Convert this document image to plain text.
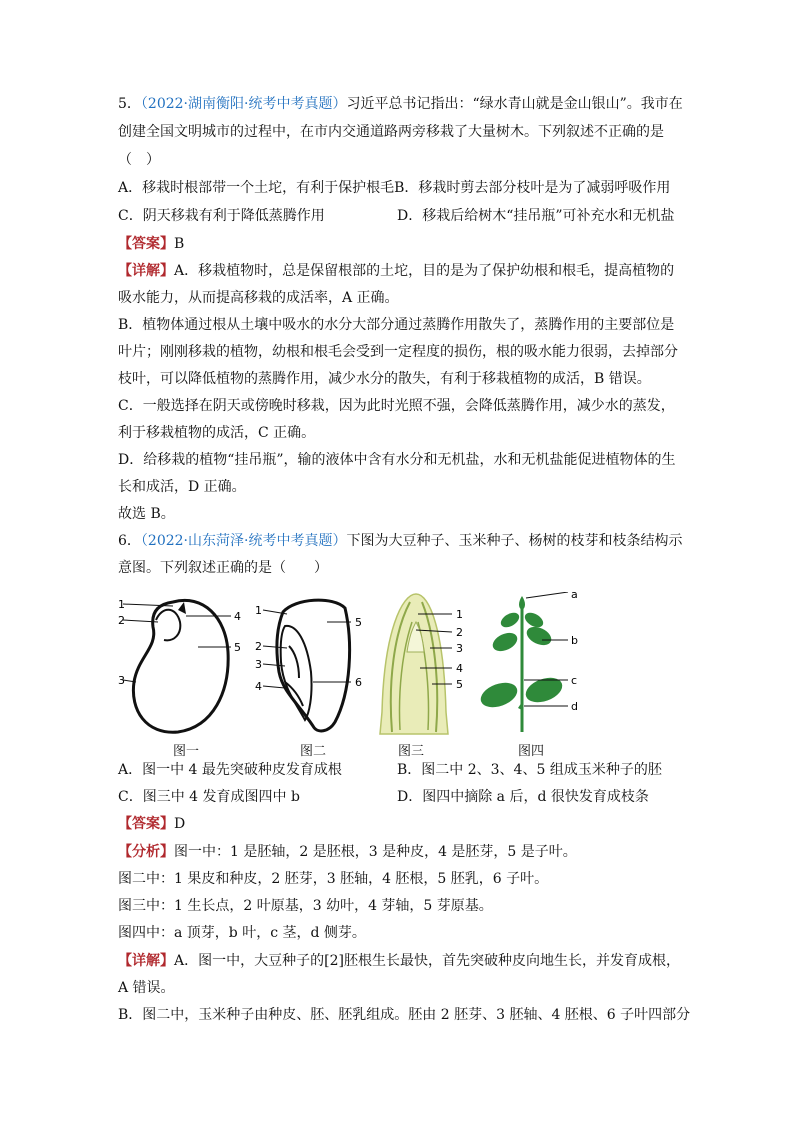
5．（2022·湖南衡阳·统考中考真题）习近平总书记指出：“绿水青山就是金山银山”。我市在
创建全国文明城市的过程中，在市内交通道路两旁移栽了大量树木。下列叙述不正确的是
（　）
A．移栽时根部带一个土坨，有利于保护根毛B．移栽时剪去部分枝叶是为了减弱呼吸作用
C．阴天移栽有利于降低蒸腾作用	D．移栽后给树木“挂吊瓶”可补充水和无机盐
【答案】B
【详解】A．移栽植物时，总是保留根部的土坨，目的是为了保护幼根和根毛，提高植物的
吸水能力，从而提高移栽的成活率，A 正确。
B．植物体通过根从土壤中吸水的水分大部分通过蒸腾作用散失了，蒸腾作用的主要部位是
叶片；刚刚移栽的植物，幼根和根毛会受到一定程度的损伤，根的吸水能力很弱，去掉部分
枝叶，可以降低植物的蒸腾作用，减少水分的散失，有利于移栽植物的成活，B 错误。
C．一般选择在阴天或傍晚时移栽，因为此时光照不强，会降低蒸腾作用，减少水的蒸发，
利于移栽植物的成活，C 正确。
D．给移栽的植物“挂吊瓶”，输的液体中含有水分和无机盐，水和无机盐能促进植物体的生
长和成活，D 正确。
故选 B。
6．（2022·山东菏泽·统考中考真题）下图为大豆种子、玉米种子、杨树的枝芽和枝条结构示
意图。下列叙述正确的是（　　）
1
2
3
4
5
图一
1
2
3
4
5
6
图二
1
2
3
4
5
图三
a
b
c
d
图四
A．图一中 4 最先突破种皮发育成根	B．图二中 2、3、4、5 组成玉米种子的胚
C．图三中 4 发育成图四中 b	D．图四中摘除 a 后，d 很快发育成枝条
【答案】D
【分析】图一中：1 是胚轴，2 是胚根，3 是种皮，4 是胚芽，5 是子叶。
图二中：1 果皮和种皮，2 胚芽，3 胚轴，4 胚根，5 胚乳，6 子叶。
图三中：1 生长点，2 叶原基，3 幼叶，4 芽轴，5 芽原基。
图四中：a 顶芽，b 叶，c 茎，d 侧芽。
【详解】A．图一中，大豆种子的[2]胚根生长最快，首先突破种皮向地生长，并发育成根，
A 错误。
B．图二中，玉米种子由种皮、胚、胚乳组成。胚由 2 胚芽、3 胚轴、4 胚根、6 子叶四部分
